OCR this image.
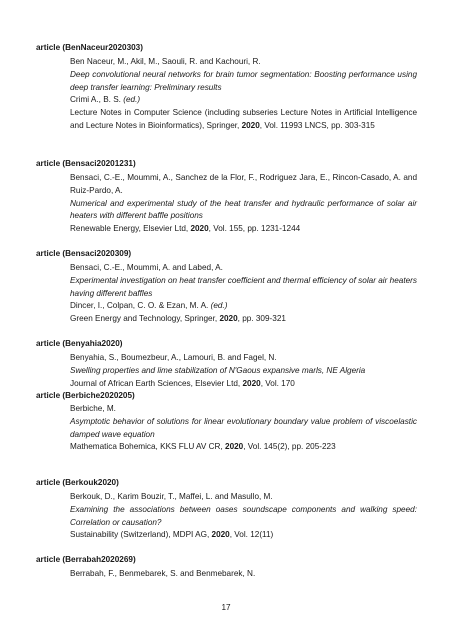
article (BenNaceur2020303)
Ben Naceur, M., Akil, M., Saouli, R. and Kachouri, R.
Deep convolutional neural networks for brain tumor segmentation: Boosting performance using deep transfer learning: Preliminary results
Crimi A., B. S. (ed.)
Lecture Notes in Computer Science (including subseries Lecture Notes in Artificial Intelligence and Lecture Notes in Bioinformatics), Springer, 2020, Vol. 11993 LNCS, pp. 303-315
article (Bensaci20201231)
Bensaci, C.-E., Moummi, A., Sanchez de la Flor, F., Rodriguez Jara, E., Rincon-Casado, A. and Ruiz-Pardo, A.
Numerical and experimental study of the heat transfer and hydraulic performance of solar air heaters with different baffle positions
Renewable Energy, Elsevier Ltd, 2020, Vol. 155, pp. 1231-1244
article (Bensaci2020309)
Bensaci, C.-E., Moummi, A. and Labed, A.
Experimental investigation on heat transfer coefficient and thermal efficiency of solar air heaters having different baffles
Dincer, I., Colpan, C. O. & Ezan, M. A. (ed.)
Green Energy and Technology, Springer, 2020, pp. 309-321
article (Benyahia2020)
Benyahia, S., Boumezbeur, A., Lamouri, B. and Fagel, N.
Swelling properties and lime stabilization of N'Gaous expansive marls, NE Algeria
Journal of African Earth Sciences, Elsevier Ltd, 2020, Vol. 170
article (Berbiche2020205)
Berbiche, M.
Asymptotic behavior of solutions for linear evolutionary boundary value problem of viscoelastic damped wave equation
Mathematica Bohemica, KKS FLU AV CR, 2020, Vol. 145(2), pp. 205-223
article (Berkouk2020)
Berkouk, D., Karim Bouzir, T., Maffei, L. and Masullo, M.
Examining the associations between oases soundscape components and walking speed: Correlation or causation?
Sustainability (Switzerland), MDPI AG, 2020, Vol. 12(11)
article (Berrabah2020269)
Berrabah, F., Benmebarek, S. and Benmebarek, N.
17
